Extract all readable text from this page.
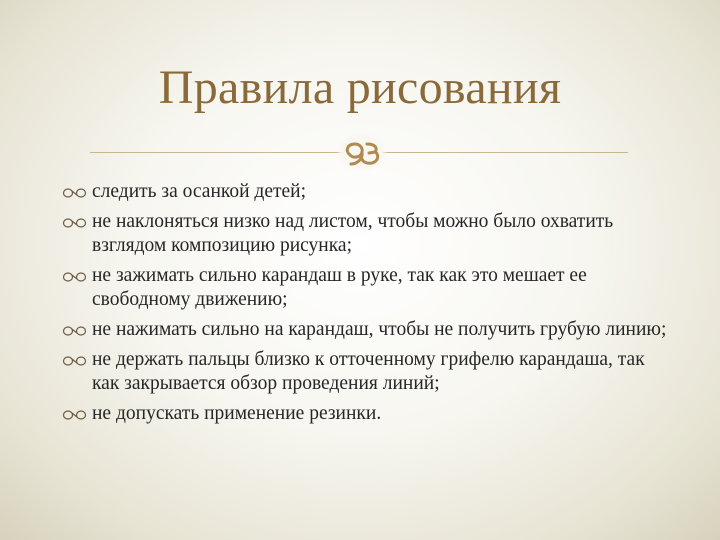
Правила рисования
следить за осанкой детей;
не наклоняться низко над листом, чтобы можно было охватить взглядом композицию рисунка;
не зажимать сильно карандаш в руке, так как это мешает ее свободному движению;
не нажимать сильно на карандаш, чтобы не получить грубую линию;
не держать пальцы близко к отточенному грифелю карандаша, так как закрывается обзор проведения линий;
не допускать применение резинки.
